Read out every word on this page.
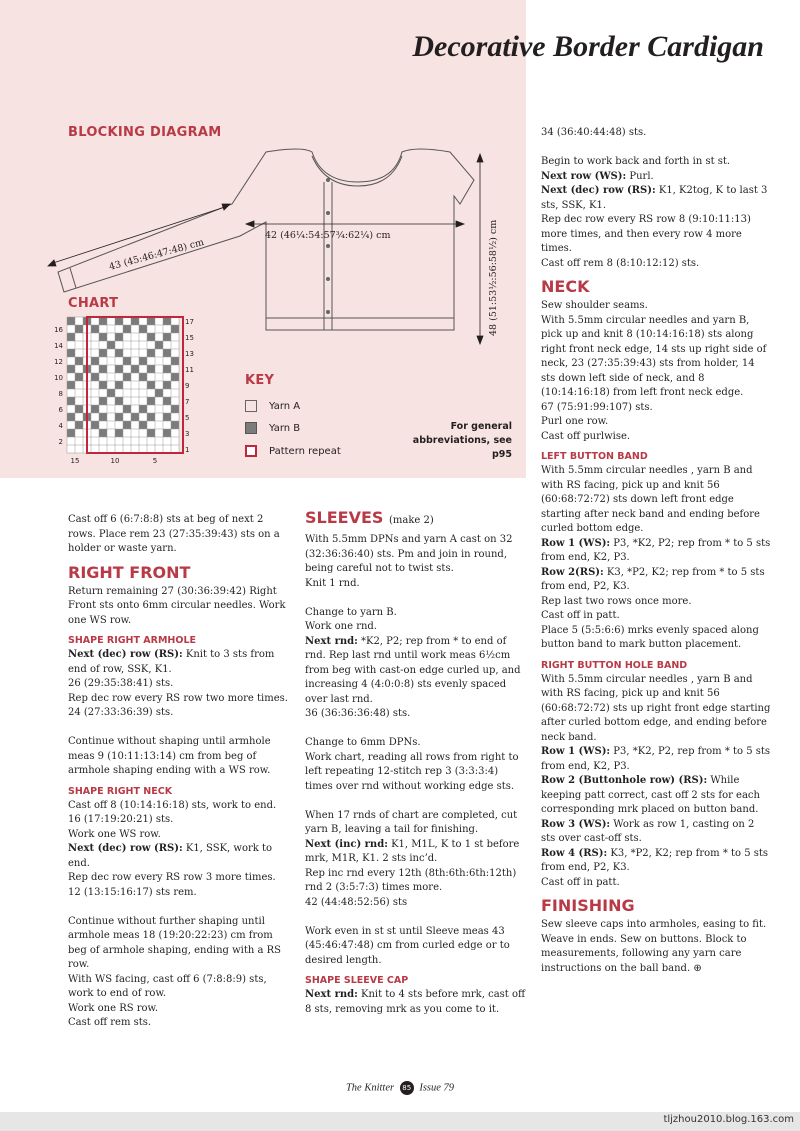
Decorative Border Cardigan
BLOCKING DIAGRAM
42 (46¼:54:57¾:62¼) cm
43 (45:46:47:48) cm	48 (51:53½:56:58½) cm
CHART
17
15
13
11
9
7
5
3
1
16
14
12
10
8
6
4
2
15	10	5
KEY
Yarn A
Yarn B
Pattern repeat
For general abbreviations, see p95

Cast off 6 (6:7:8:8) sts at beg of next 2 rows. Place rem 23 (27:35:39:43) sts on a holder or waste yarn.

RIGHT FRONT

Return remaining 27 (30:36:39:42) Right Front sts onto 6mm circular needles. Work one WS row.

SHAPE RIGHT ARMHOLE

Next (dec) row (RS): Knit to 3 sts from end of row, SSK, K1.

26 (29:35:38:41) sts.

Rep dec row every RS row two more times.

24 (27:33:36:39) sts.

Continue without shaping until armhole meas 9 (10:11:13:14) cm from beg of armhole shaping ending with a WS row.

SHAPE RIGHT NECK

Cast off 8 (10:14:16:18) sts, work to end.

16 (17:19:20:21) sts.

Work one WS row.

Next (dec) row (RS): K1, SSK, work to end.

Rep dec row every RS row 3 more times.

12 (13:15:16:17) sts rem.

Continue without further shaping until armhole meas 18 (19:20:22:23) cm from beg of armhole shaping, ending with a RS row.

With WS facing, cast off 6 (7:8:8:9) sts, work to end of row.

Work one RS row.

Cast off rem sts.

SLEEVES (make 2)

With 5.5mm DPNs and yarn A cast on 32 (32:36:36:40) sts. Pm and join in round, being careful not to twist sts.

Knit 1 rnd.

Change to yarn B.

Work one rnd.

Next rnd: *K2, P2; rep from * to end of rnd. Rep last rnd until work meas 6½cm from beg with cast-on edge curled up, and increasing 4 (4:0:0:8) sts evenly spaced over last rnd.

36 (36:36:36:48) sts.

Change to 6mm DPNs.

Work chart, reading all rows from right to left repeating 12-stitch rep 3 (3:3:3:4) times over rnd without working edge sts.

When 17 rnds of chart are completed, cut yarn B, leaving a tail for finishing.

Next (inc) rnd: K1, M1L, K to 1 st before mrk, M1R, K1. 2 sts inc’d.

Rep inc rnd every 12th (8th:6th:6th:12th) rnd 2 (3:5:7:3) times more.

42 (44:48:52:56) sts

Work even in st st until Sleeve meas 43 (45:46:47:48) cm from curled edge or to desired length.

SHAPE SLEEVE CAP

Next rnd: Knit to 4 sts before mrk, cast off 8 sts, removing mrk as you come to it.

34 (36:40:44:48) sts.

Begin to work back and forth in st st.

Next row (WS): Purl.

Next (dec) row (RS): K1, K2tog, K to last 3 sts, SSK, K1.

Rep dec row every RS row 8 (9:10:11:13) more times, and then every row 4 more times.

Cast off rem 8 (8:10:12:12) sts.

NECK

Sew shoulder seams.

With 5.5mm circular needles and yarn B, pick up and knit 8 (10:14:16:18) sts along right front neck edge, 14 sts up right side of neck, 23 (27:35:39:43) sts from holder, 14 sts down left side of neck, and 8 (10:14:16:18) from left front neck edge.

67 (75:91:99:107) sts.

Purl one row.

Cast off purlwise.

LEFT BUTTON BAND

With 5.5mm circular needles , yarn B and with RS facing, pick up and knit 56 (60:68:72:72) sts down left front edge starting after neck band and ending before curled bottom edge.

Row 1 (WS): P3, *K2, P2; rep from * to 5 sts from end, K2, P3.

Row 2(RS): K3, *P2, K2; rep from * to 5 sts from end, P2, K3.

Rep last two rows once more.

Cast off in patt.

Place 5 (5:5:6:6) mrks evenly spaced along button band to mark button placement.

RIGHT BUTTON HOLE BAND

With 5.5mm circular needles , yarn B and with RS facing, pick up and knit 56 (60:68:72:72) sts up right front edge starting after curled bottom edge, and ending before neck band.

Row 1 (WS): P3, *K2, P2, rep from * to 5 sts from end, K2, P3.

Row 2 (Buttonhole row) (RS): While keeping patt correct, cast off 2 sts for each corresponding mrk placed on button band.

Row 3 (WS): Work as row 1, casting on 2 sts over cast-off sts.

Row 4 (RS): K3, *P2, K2; rep from * to 5 sts from end, P2, K3.

Cast off in patt.

FINISHING

Sew sleeve caps into armholes, easing to fit. Weave in ends. Sew on buttons. Block to measurements, following any yarn care instructions on the ball band. ⊕

The Knitter 85 Issue 79
tljzhou2010.blog.163.com
